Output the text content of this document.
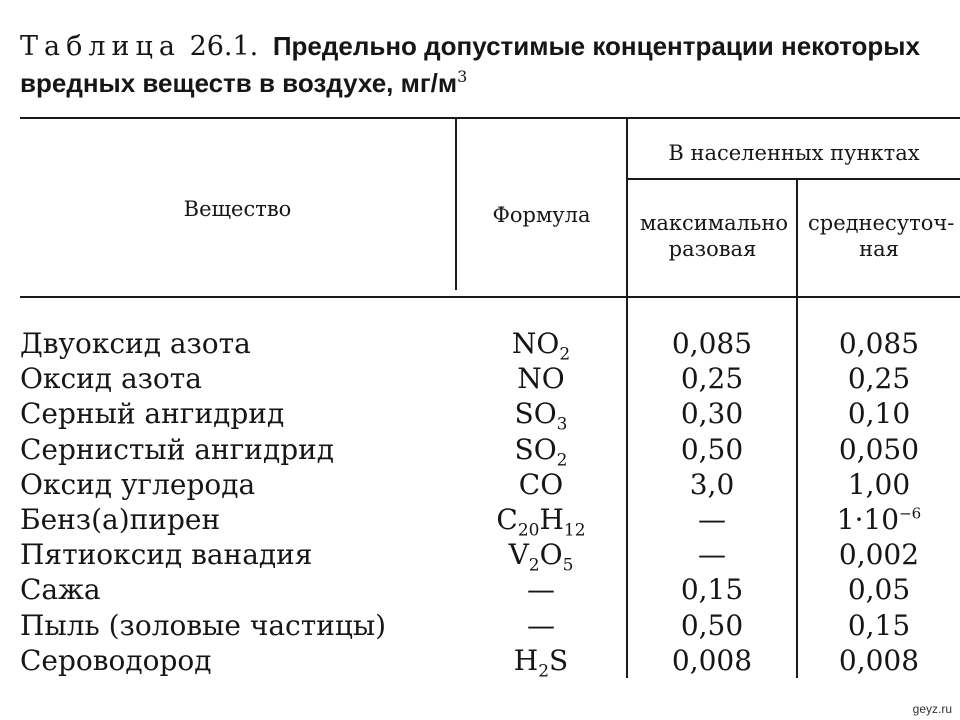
Таблица 26.1. Предельно допустимые концентрации некоторых вредных веществ в воздухе, $мг/м^3$
Вещество	Формула
В населенных пунктах
максимально разовая
среднесуточ- ная
Двуоксид азота	$NO_2$	0,085	0,085
Оксид азота	NO	0,25	0,25
Серный ангидрид	$SO_3$	0,30	0,10
Сернистый ангидрид	$SO_2$	0,50	0,050
Оксид углерода	CO	3,0	1,00
Бенз(а)пирен	$C_{20}H_{12}$	—	$1\cdot 10^{-6}$
Пятиоксид ванадия	$V_2O_5$	—	0,002
Сажа	—	0,15	0,05
Пыль (золовые частицы)	—	0,50	0,15
Сероводород	$H_2S$	0,008	0,008
geyz.ru
